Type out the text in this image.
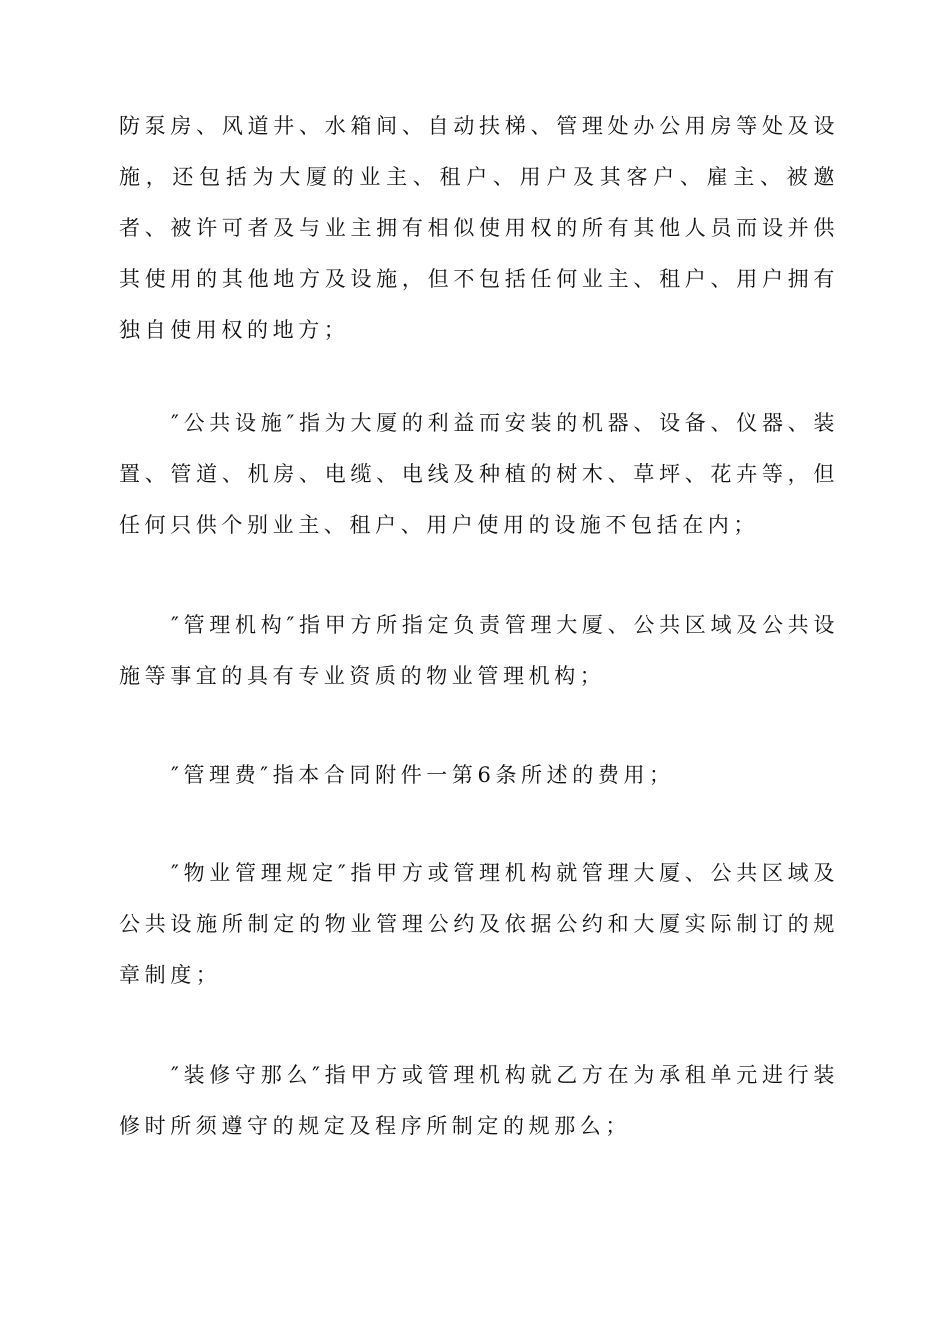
防泵房、风道井、水箱间、自动扶梯、管理处办公用房等处及设施，还包括为大厦的业主、租户、用户及其客户、雇主、被邀者、被许可者及与业主拥有相似使用权的所有其他人员而设并供其使用的其他地方及设施，但不包括任何业主、租户、用户拥有独自使用权的地方；

″公共设施″指为大厦的利益而安装的机器、设备、仪器、装置、管道、机房、电缆、电线及种植的树木、草坪、花卉等，但任何只供个别业主、租户、用户使用的设施不包括在内；

″管理机构″指甲方所指定负责管理大厦、公共区域及公共设施等事宜的具有专业资质的物业管理机构；

″管理费″指本合同附件一第6条所述的费用；

″物业管理规定″指甲方或管理机构就管理大厦、公共区域及公共设施所制定的物业管理公约及依据公约和大厦实际制订的规章制度；

″装修守那么″指甲方或管理机构就乙方在为承租单元进行装修时所须遵守的规定及程序所制定的规那么；
